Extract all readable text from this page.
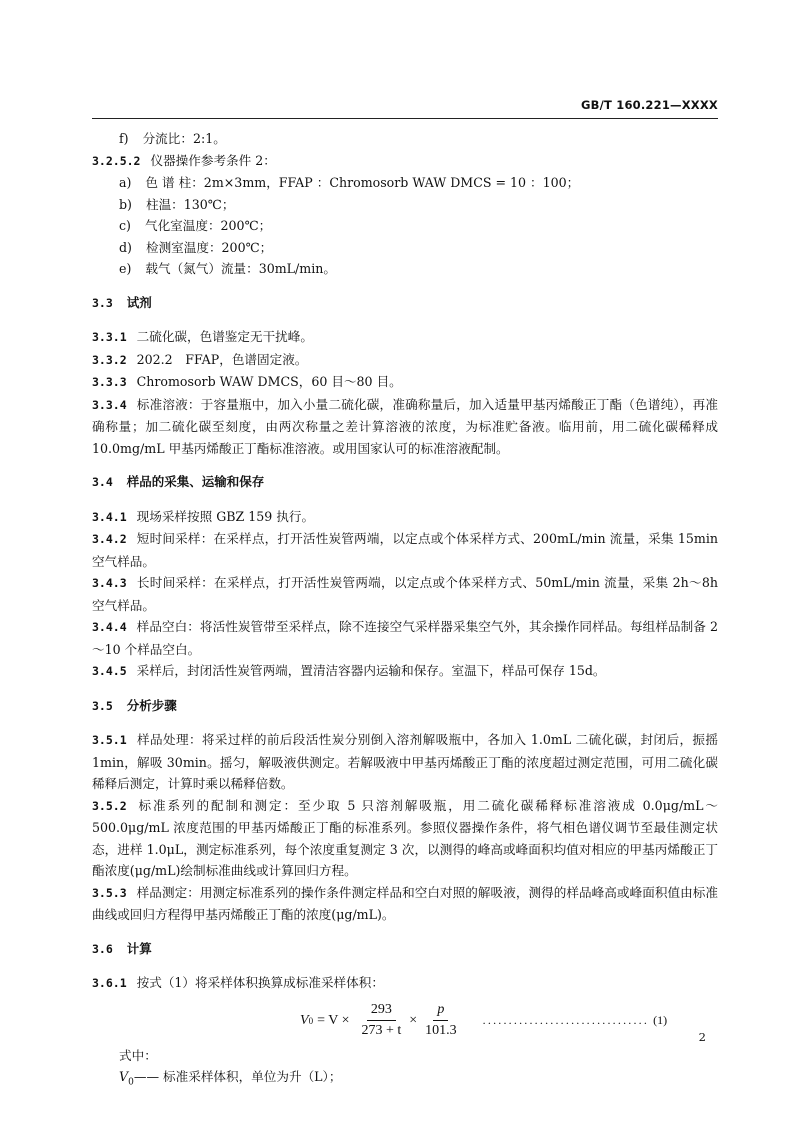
GB/T 160.221—XXXX
f) 分流比：2:1。
3.2.5.2 仪器操作参考条件 2：
a) 色 谱 柱：2m×3mm，FFAP ：Chromosorb WAW DMCS = 10 ：100；
b) 柱温：130℃；
c) 气化室温度：200℃；
d) 检测室温度：200℃；
e) 载气（氮气）流量：30mL/min。
3.3 试剂
3.3.1 二硫化碳，色谱鉴定无干扰峰。
3.3.2 202.2　FFAP，色谱固定液。
3.3.3 Chromosorb WAW DMCS，60 目～80 目。
3.3.4 标准溶液：于容量瓶中，加入小量二硫化碳，准确称量后，加入适量甲基丙烯酸正丁酯（色谱纯），再准确称量；加二硫化碳至刻度，由两次称量之差计算溶液的浓度，为标准贮备液。临用前，用二硫化碳稀释成 10.0mg/mL 甲基丙烯酸正丁酯标准溶液。或用国家认可的标准溶液配制。
3.4 样品的采集、运输和保存
3.4.1 现场采样按照 GBZ 159 执行。
3.4.2 短时间采样：在采样点，打开活性炭管两端，以定点或个体采样方式、200mL/min 流量，采集 15min 空气样品。
3.4.3 长时间采样：在采样点，打开活性炭管两端，以定点或个体采样方式、50mL/min 流量，采集 2h～8h 空气样品。
3.4.4 样品空白：将活性炭管带至采样点，除不连接空气采样器采集空气外，其余操作同样品。每组样品制备 2～10 个样品空白。
3.4.5 采样后，封闭活性炭管两端，置清洁容器内运输和保存。室温下，样品可保存 15d。
3.5 分析步骤
3.5.1 样品处理：将采过样的前后段活性炭分别倒入溶剂解吸瓶中，各加入 1.0mL 二硫化碳，封闭后，振摇 1min，解吸 30min。摇匀，解吸液供测定。若解吸液中甲基丙烯酸正丁酯的浓度超过测定范围，可用二硫化碳稀释后测定，计算时乘以稀释倍数。
3.5.2 标准系列的配制和测定：至少取 5 只溶剂解吸瓶，用二硫化碳稀释标准溶液成 0.0μg/mL～500.0μg/mL 浓度范围的甲基丙烯酸正丁酯的标准系列。参照仪器操作条件，将气相色谱仪调节至最佳测定状态，进样 1.0μL，测定标准系列，每个浓度重复测定 3 次，以测得的峰高或峰面积均值对相应的甲基丙烯酸正丁酯浓度(μg/mL)绘制标准曲线或计算回归方程。
3.5.3 样品测定：用测定标准系列的操作条件测定样品和空白对照的解吸液，测得的样品峰高或峰面积值由标准曲线或回归方程得甲基丙烯酸正丁酯的浓度(μg/mL)。
3.6 计算
3.6.1 按式（1）将采样体积换算成标准采样体积：
V $0 = V \times \frac{293}{273 + t} \times \frac{p}{101.3}$ ................................ (1)
式中：
$V_0——$ 标准采样体积，单位为升（L）；
2
